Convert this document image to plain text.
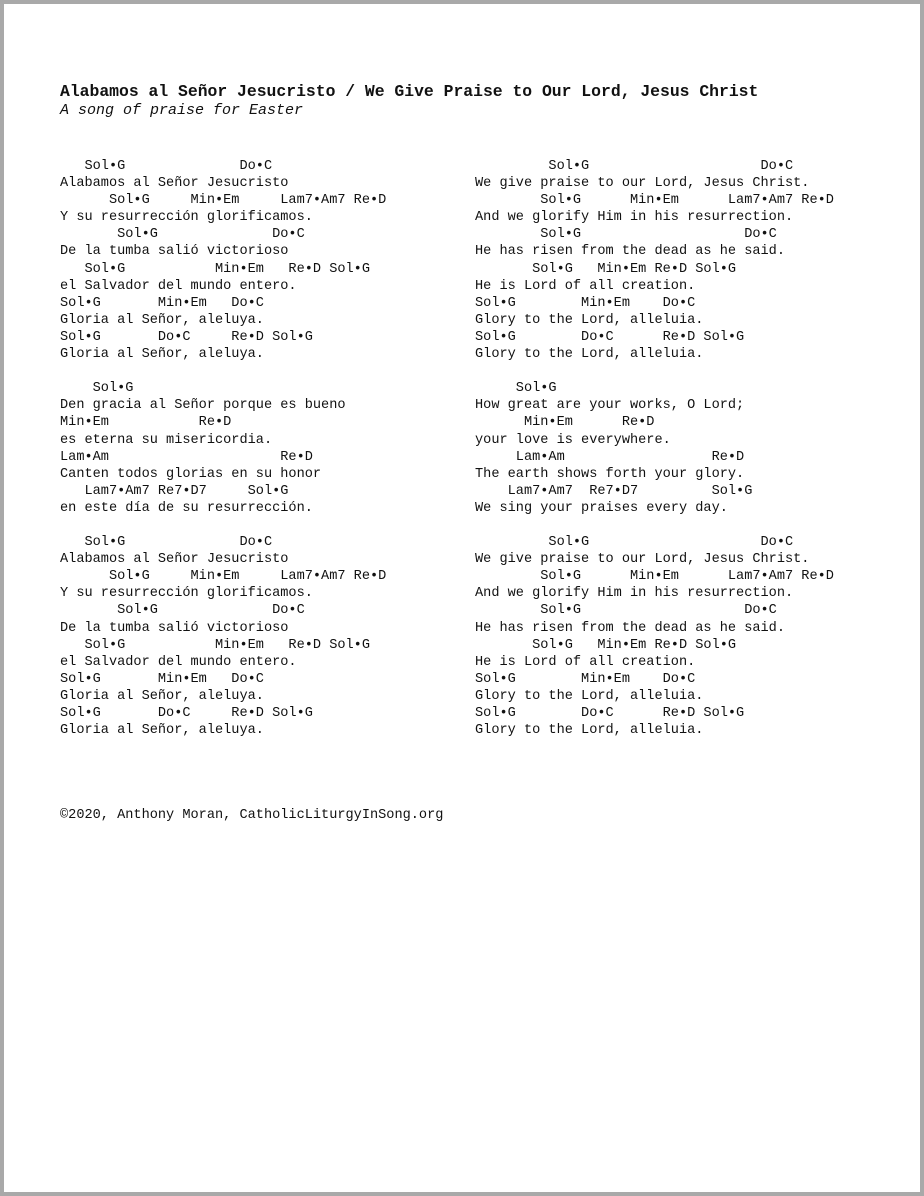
Alabamos al Señor Jesucristo / We Give Praise to Our Lord, Jesus Christ

A song of praise for Easter

Sol•G              Do•C
Alabamos al Señor Jesucristo
Sol•G     Min•Em     Lam7•Am7 Re•D
Y su resurrección glorificamos.
Sol•G              Do•C
De la tumba salió victorioso
Sol•G           Min•Em   Re•D Sol•G
el Salvador del mundo entero.
Sol•G       Min•Em   Do•C
Gloria al Señor, aleluya.
Sol•G       Do•C     Re•D Sol•G
Gloria al Señor, aleluya.
Sol•G
Den gracia al Señor porque es bueno
Min•Em           Re•D
es eterna su misericordia.
Lam•Am                     Re•D
Canten todos glorias en su honor
Lam7•Am7 Re7•D7     Sol•G
en este día de su resurrección.
Sol•G              Do•C
Alabamos al Señor Jesucristo
Sol•G     Min•Em     Lam7•Am7 Re•D
Y su resurrección glorificamos.
Sol•G              Do•C
De la tumba salió victorioso
Sol•G           Min•Em   Re•D Sol•G
el Salvador del mundo entero.
Sol•G       Min•Em   Do•C
Gloria al Señor, aleluya.
Sol•G       Do•C     Re•D Sol•G
Gloria al Señor, aleluya.
Sol•G                     Do•C
We give praise to our Lord, Jesus Christ.
Sol•G      Min•Em      Lam7•Am7 Re•D
And we glorify Him in his resurrection.
Sol•G                    Do•C
He has risen from the dead as he said.
Sol•G   Min•Em Re•D Sol•G
He is Lord of all creation.
Sol•G        Min•Em    Do•C
Glory to the Lord, alleluia.
Sol•G        Do•C      Re•D Sol•G
Glory to the Lord, alleluia.
Sol•G
How great are your works, O Lord;
Min•Em      Re•D
your love is everywhere.
Lam•Am                  Re•D
The earth shows forth your glory.
Lam7•Am7  Re7•D7         Sol•G
We sing your praises every day.
Sol•G                     Do•C
We give praise to our Lord, Jesus Christ.
Sol•G      Min•Em      Lam7•Am7 Re•D
And we glorify Him in his resurrection.
Sol•G                    Do•C
He has risen from the dead as he said.
Sol•G   Min•Em Re•D Sol•G
He is Lord of all creation.
Sol•G        Min•Em    Do•C
Glory to the Lord, alleluia.
Sol•G        Do•C      Re•D Sol•G
Glory to the Lord, alleluia.

©2020, Anthony Moran, CatholicLiturgyInSong.org
